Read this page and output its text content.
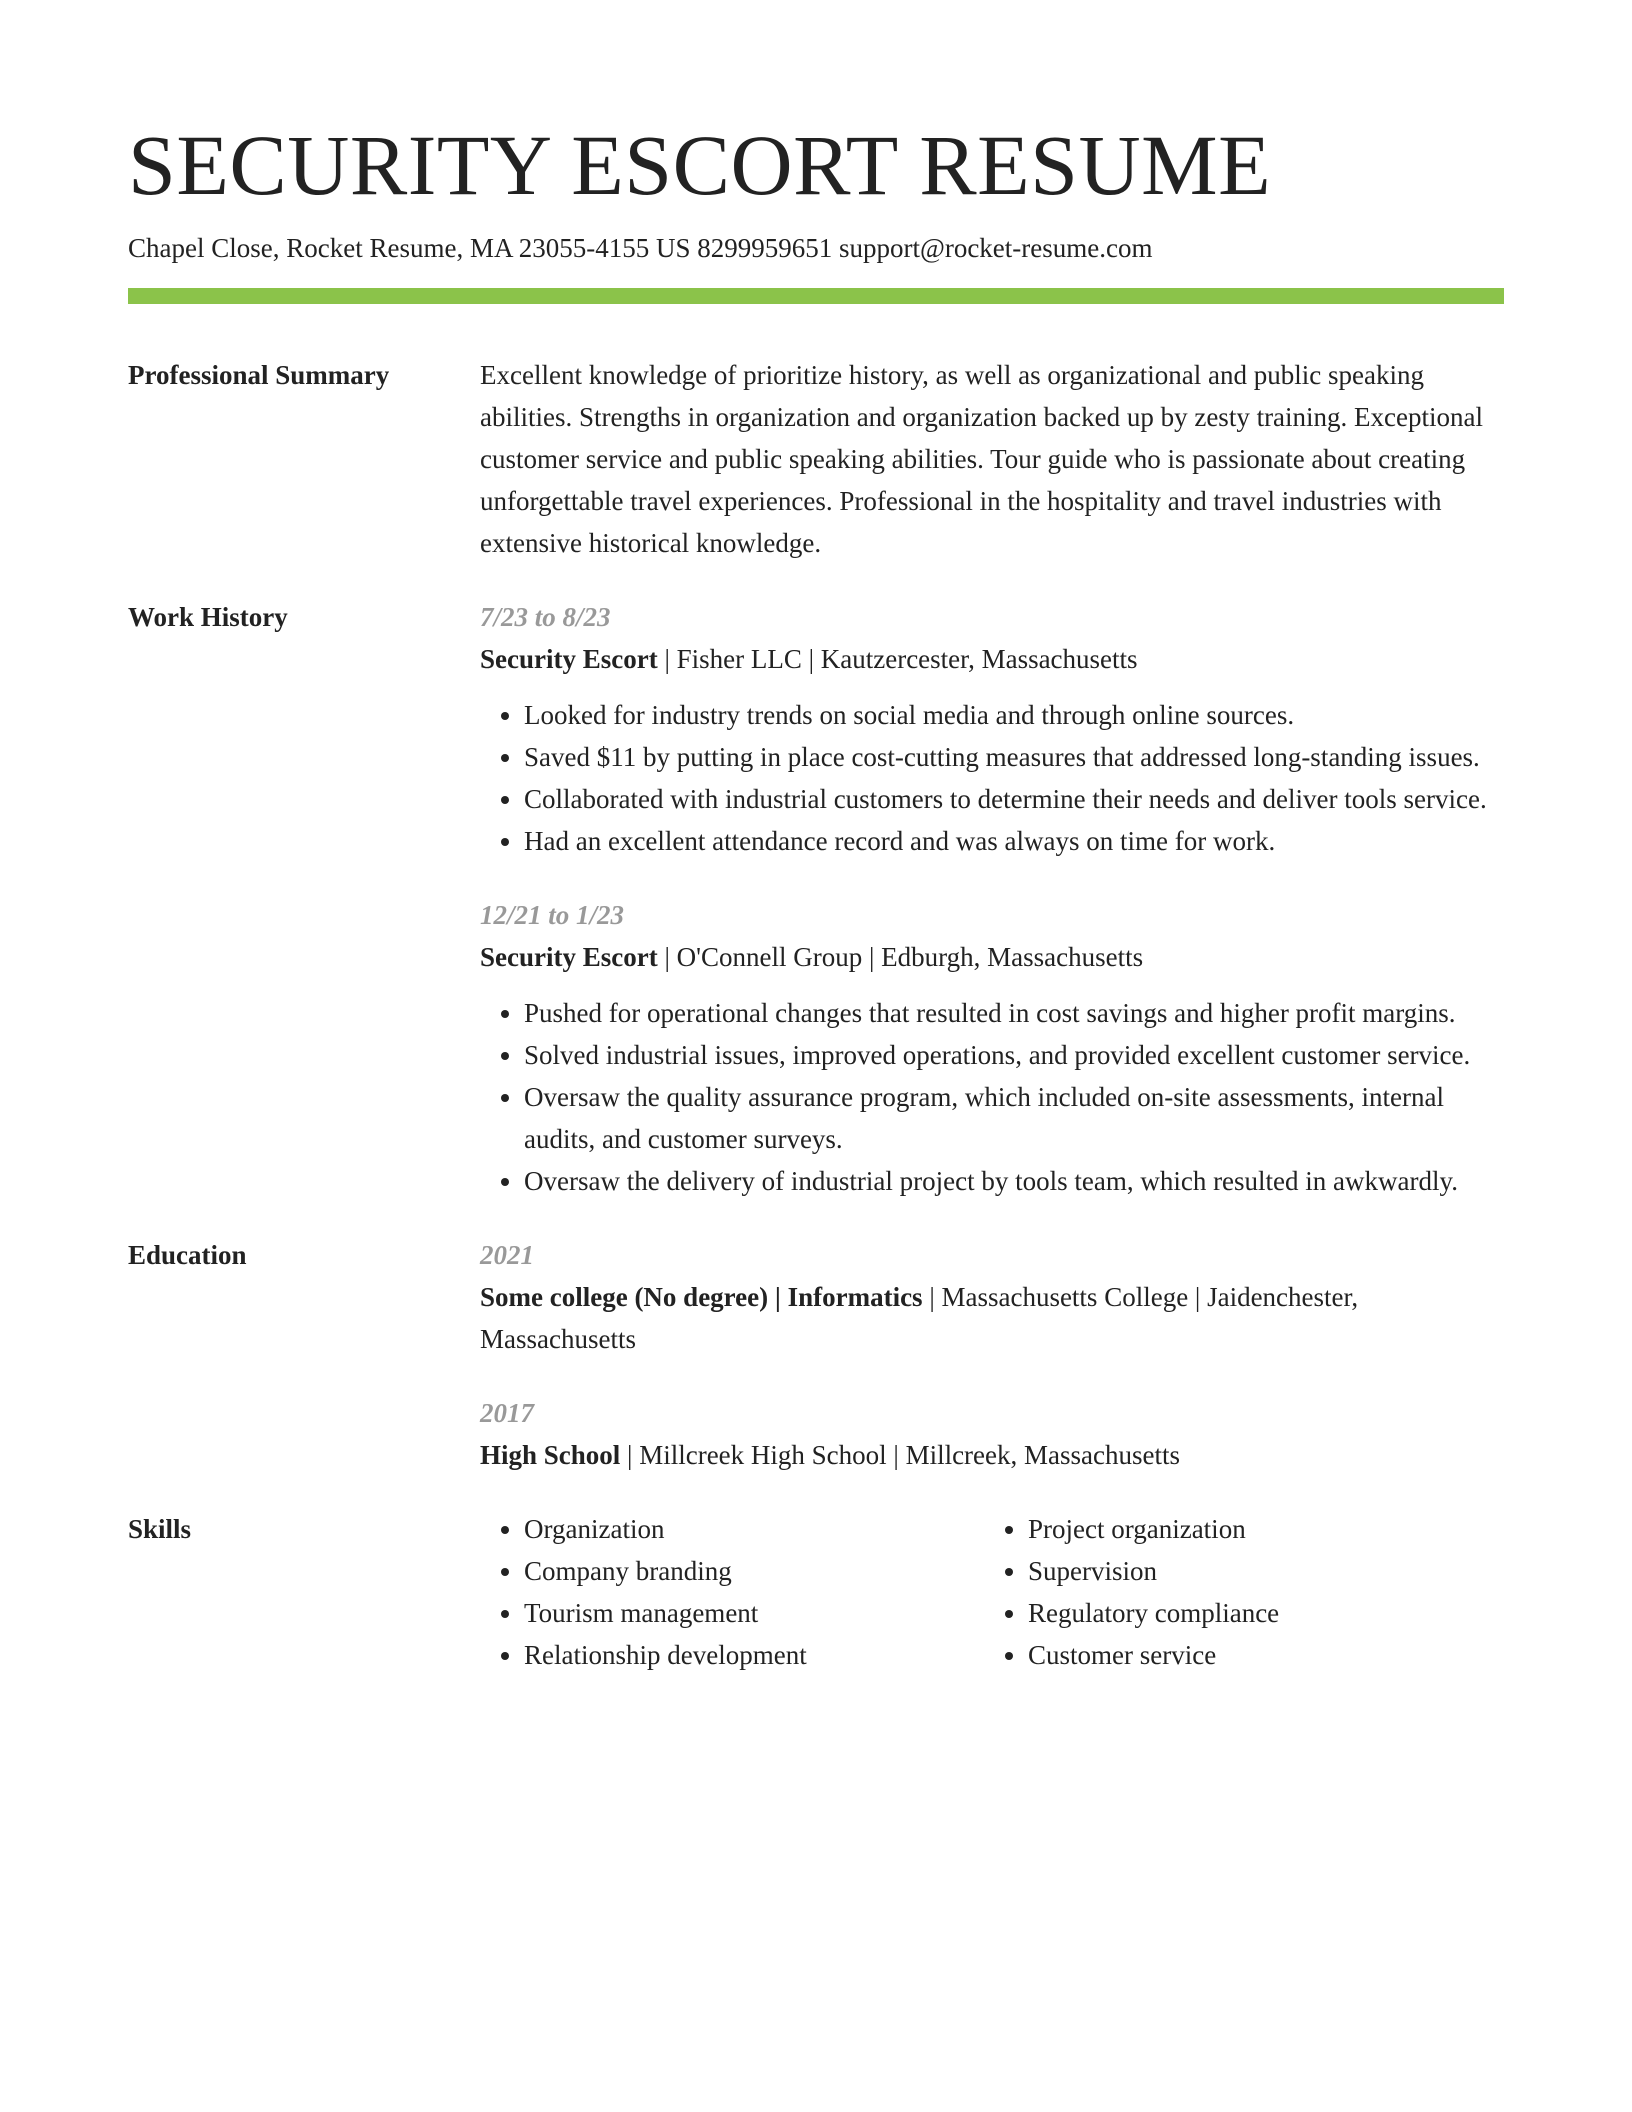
SECURITY ESCORT RESUME
Chapel Close, Rocket Resume, MA 23055-4155 US 8299959651 support@rocket-resume.com
Professional Summary	Excellent knowledge of prioritize history, as well as organizational and public speaking abilities. Strengths in organization and organization backed up by zesty training. Exceptional customer service and public speaking abilities. Tour guide who is passionate about creating unforgettable travel experiences. Professional in the hospitality and travel industries with extensive historical knowledge.

Work History	7/23 to 8/23
Security Escort | Fisher LLC | Kautzercester, Massachusetts
• Looked for industry trends on social media and through online sources.
• Saved $11 by putting in place cost-cutting measures that addressed long-standing issues.
• Collaborated with industrial customers to determine their needs and deliver tools service.
• Had an excellent attendance record and was always on time for work.
12/21 to 1/23
Security Escort | O'Connell Group | Edburgh, Massachusetts
• Pushed for operational changes that resulted in cost savings and higher profit margins.
• Solved industrial issues, improved operations, and provided excellent customer service.
• Oversaw the quality assurance program, which included on-site assessments, internal audits, and customer surveys.
• Oversaw the delivery of industrial project by tools team, which resulted in awkwardly.
Education	2021
Some college (No degree) | Informatics | Massachusetts College | Jaidenchester, Massachusetts
2017
High School | Millcreek High School | Millcreek, Massachusetts
Skills
•	Organization
• Company branding
• Tourism management
• Relationship development
• Project organization
• Supervision
• Regulatory compliance
• Customer service
